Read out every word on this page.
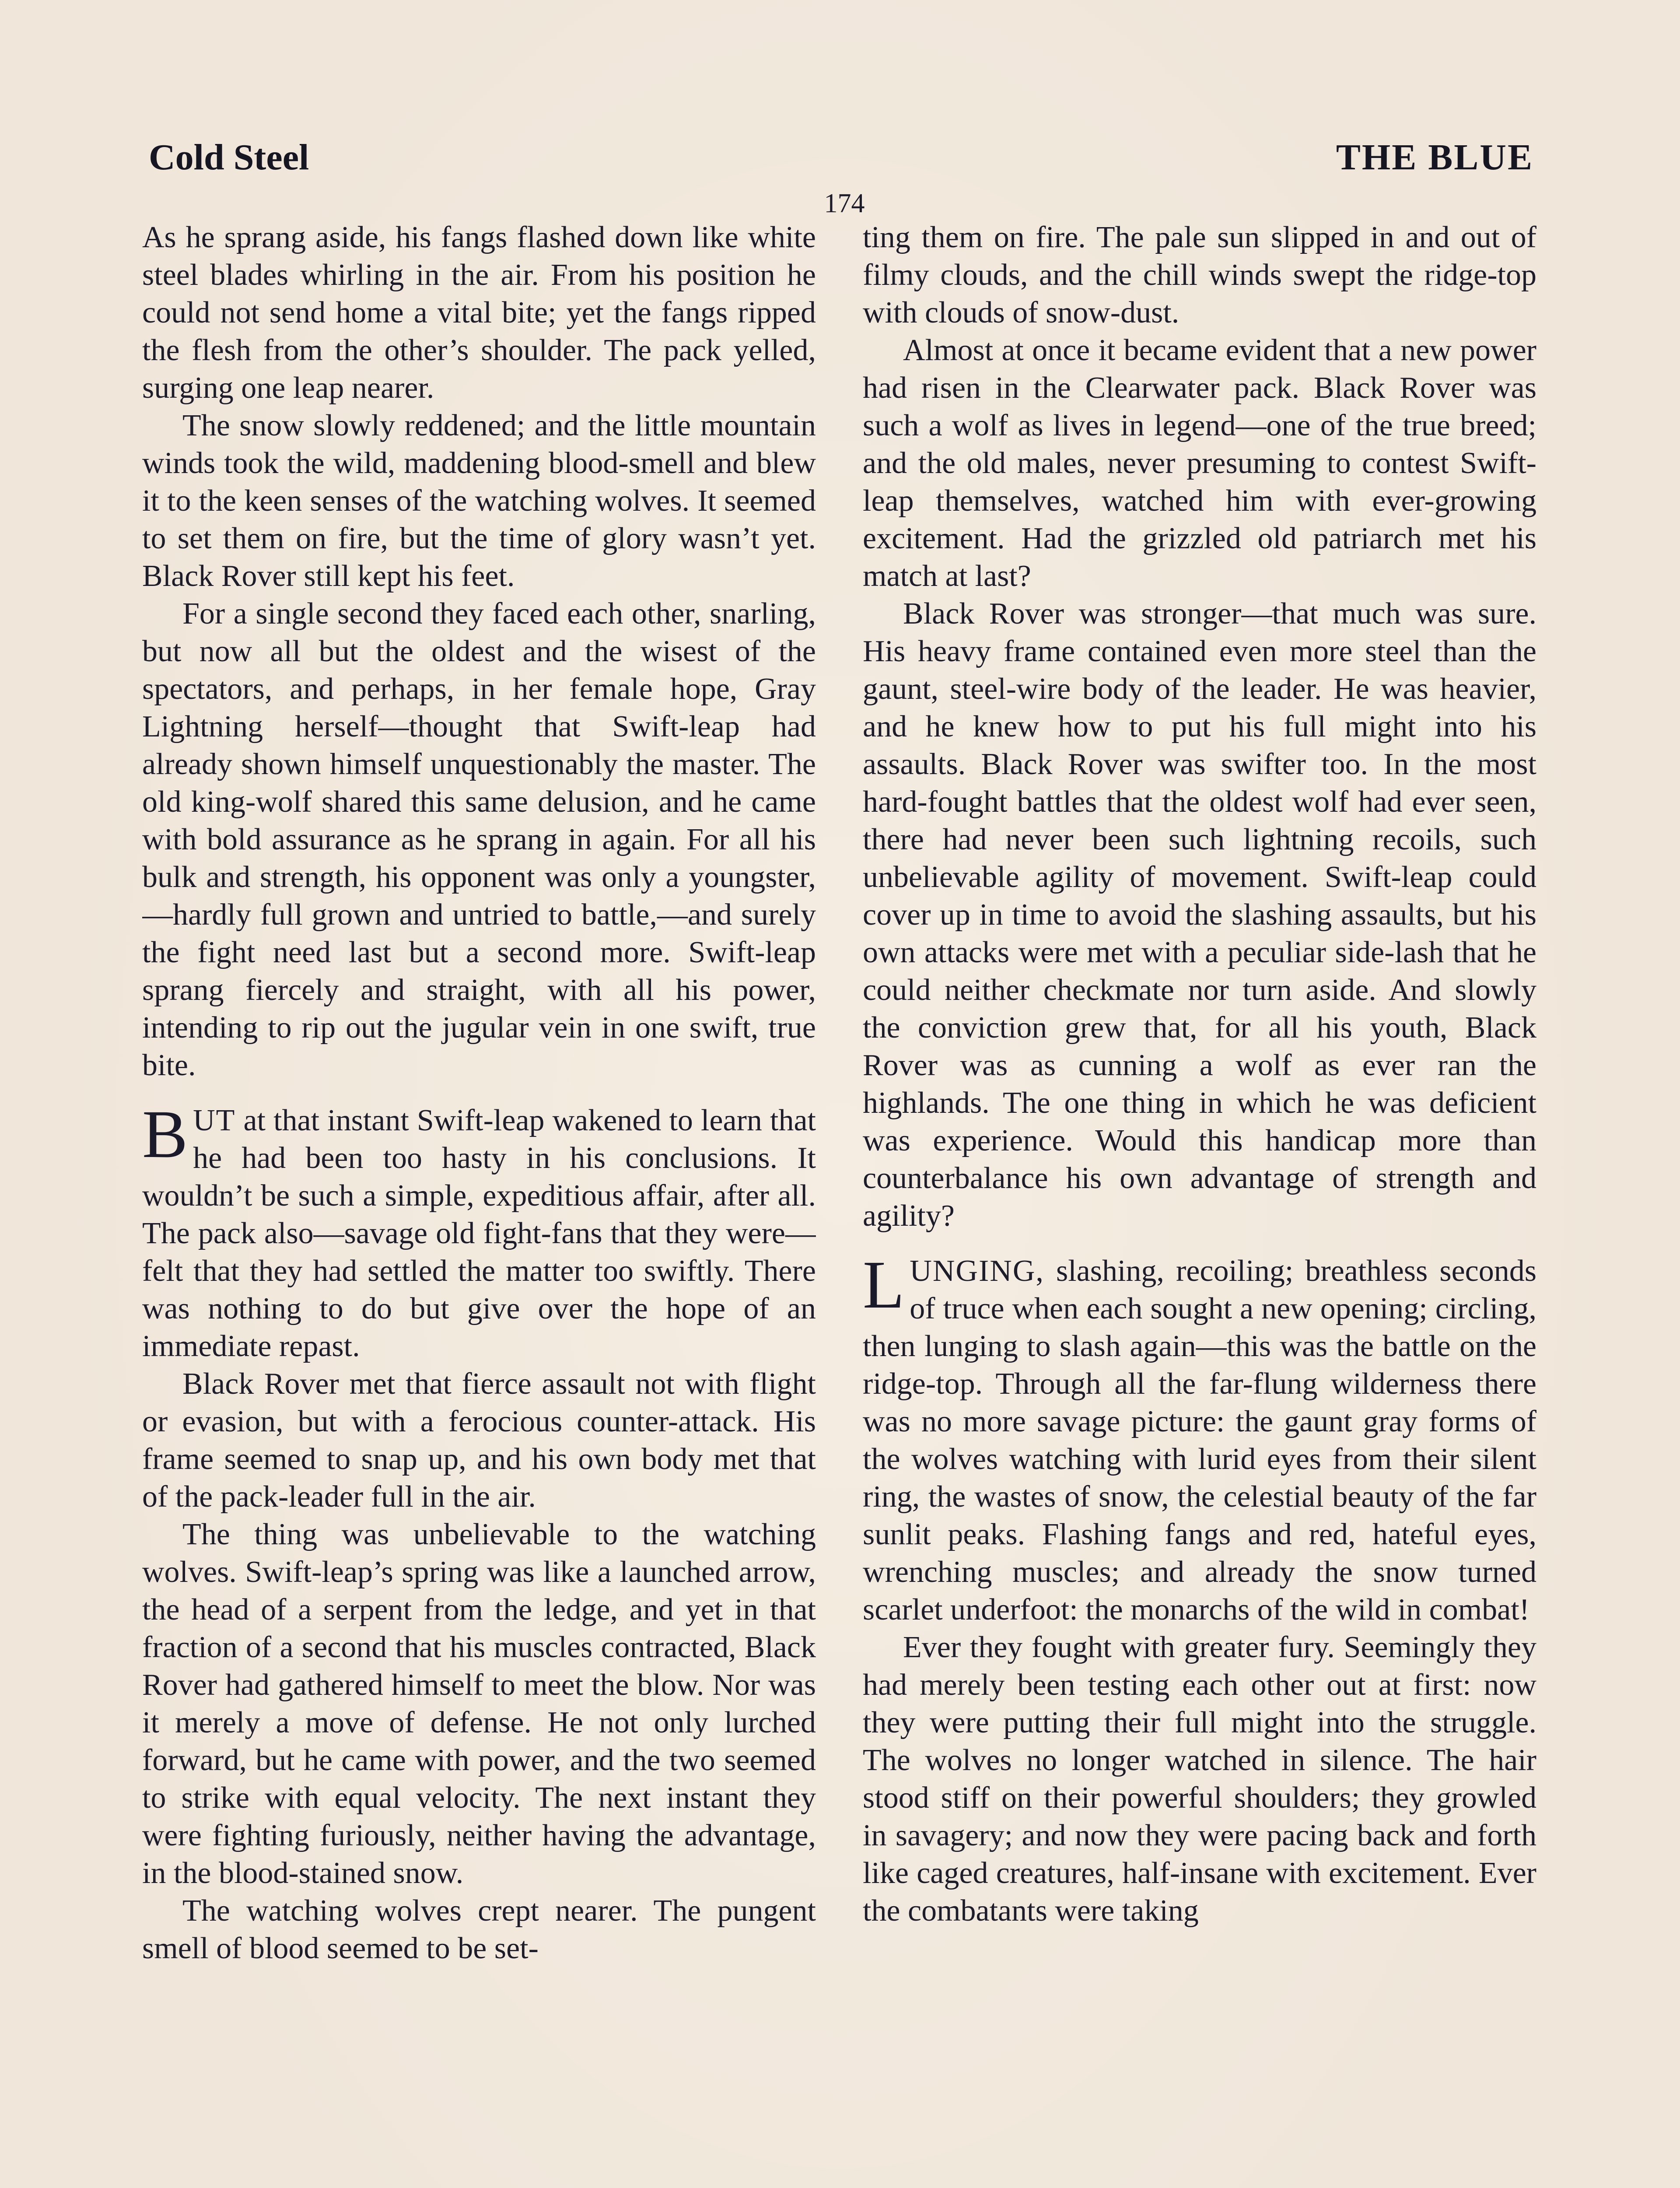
Cold Steel	THE BLUE
174

As he sprang aside, his fangs flashed down like white steel blades whirling in the air. From his position he could not send home a vital bite; yet the fangs ripped the flesh from the other’s shoulder. The pack yelled, surging one leap nearer.

The snow slowly reddened; and the little mountain winds took the wild, maddening blood-smell and blew it to the keen senses of the watching wolves. It seemed to set them on fire, but the time of glory wasn’t yet. Black Rover still kept his feet.

For a single second they faced each other, snarling, but now all but the oldest and the wisest of the spectators, and perhaps, in her female hope, Gray Lightning herself—thought that Swift-leap had already shown himself unquestionably the master. The old king-wolf shared this same delusion, and he came with bold assurance as he sprang in again. For all his bulk and strength, his opponent was only a youngster,—hardly full grown and untried to battle,—and surely the fight need last but a second more. Swift-leap sprang fiercely and straight, with all his power, intending to rip out the jugular vein in one swift, true bite.

BUT at that instant Swift-leap wakened to learn that he had been too hasty in his conclusions. It wouldn’t be such a simple, expeditious affair, after all. The pack also—savage old fight-fans that they were—felt that they had settled the matter too swiftly. There was nothing to do but give over the hope of an immediate repast.

Black Rover met that fierce assault not with flight or evasion, but with a ferocious counter-attack. His frame seemed to snap up, and his own body met that of the pack-leader full in the air.

The thing was unbelievable to the watching wolves. Swift-leap’s spring was like a launched arrow, the head of a serpent from the ledge, and yet in that fraction of a second that his muscles contracted, Black Rover had gathered himself to meet the blow. Nor was it merely a move of defense. He not only lurched forward, but he came with power, and the two seemed to strike with equal velocity. The next instant they were fighting furiously, neither having the advantage, in the blood-stained snow.

The watching wolves crept nearer. The pungent smell of blood seemed to be set-

ting them on fire. The pale sun slipped in and out of filmy clouds, and the chill winds swept the ridge-top with clouds of snow-dust.

Almost at once it became evident that a new power had risen in the Clearwater pack. Black Rover was such a wolf as lives in legend—one of the true breed; and the old males, never presuming to contest Swift-leap themselves, watched him with ever-growing excitement. Had the grizzled old patriarch met his match at last?

Black Rover was stronger—that much was sure. His heavy frame contained even more steel than the gaunt, steel-wire body of the leader. He was heavier, and he knew how to put his full might into his assaults. Black Rover was swifter too. In the most hard-fought battles that the oldest wolf had ever seen, there had never been such lightning recoils, such unbelievable agility of movement. Swift-leap could cover up in time to avoid the slashing assaults, but his own attacks were met with a peculiar side-lash that he could neither checkmate nor turn aside. And slowly the conviction grew that, for all his youth, Black Rover was as cunning a wolf as ever ran the highlands. The one thing in which he was deficient was experience. Would this handicap more than counterbalance his own advantage of strength and agility?

LUNGING, slashing, recoiling; breathless seconds of truce when each sought a new opening; circling, then lunging to slash again—this was the battle on the ridge-top. Through all the far-flung wilderness there was no more savage picture: the gaunt gray forms of the wolves watching with lurid eyes from their silent ring, the wastes of snow, the celestial beauty of the far sunlit peaks. Flashing fangs and red, hateful eyes, wrenching muscles; and already the snow turned scarlet underfoot: the monarchs of the wild in combat!

Ever they fought with greater fury. Seemingly they had merely been testing each other out at first: now they were putting their full might into the struggle. The wolves no longer watched in silence. The hair stood stiff on their powerful shoulders; they growled in savagery; and now they were pacing back and forth like caged creatures, half-insane with excitement. Ever the combatants were taking
